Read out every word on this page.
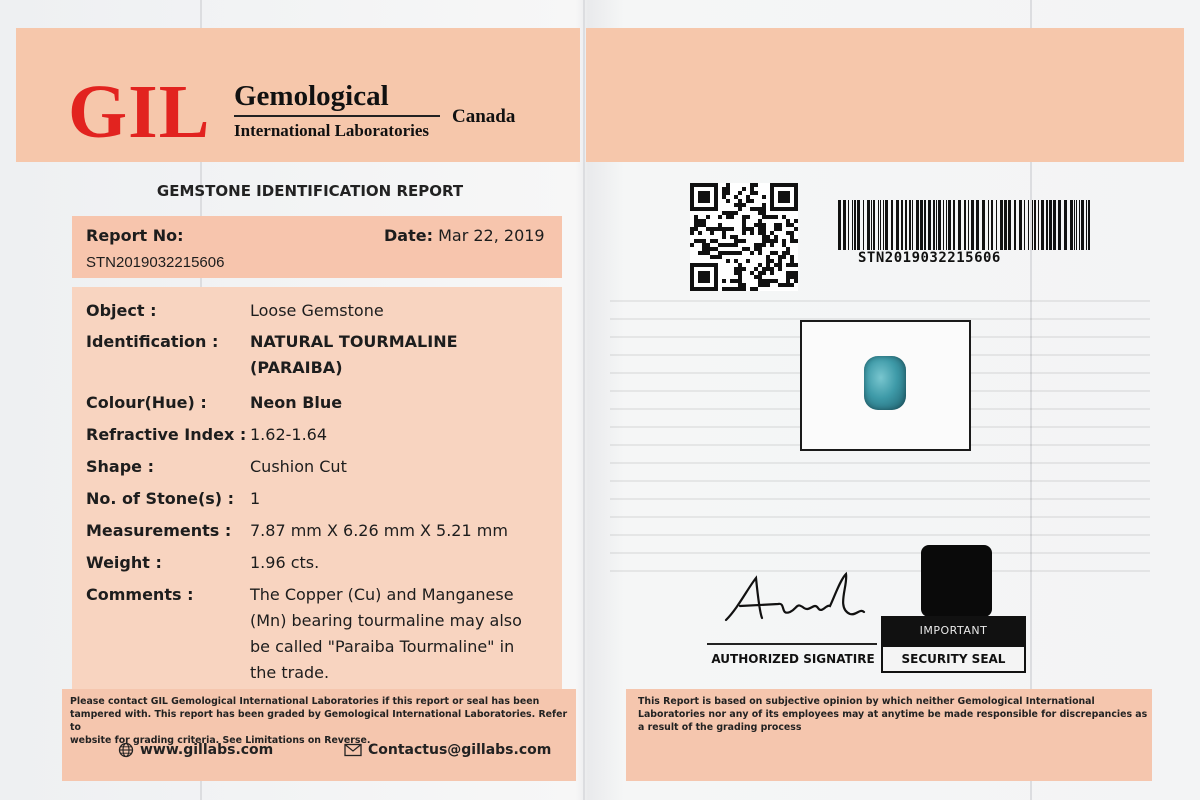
GIL Gemological
International Laboratories
Canada
GEMSTONE IDENTIFICATION REPORT
Report No:
STN2019032215606
Date: Mar 22, 2019
Object :	Loose Gemstone
Identification : NATURAL TOURMALINE
(PARAIBA)
Colour(Hue) :	Neon Blue
Refractive Index : 1.62-1.64
Shape :	Cushion Cut
No. of Stone(s) : 1
Measurements : 7.87 mm X 6.26 mm X 5.21 mm
Weight :	1.96 cts.
Comments :	The Copper (Cu) and Manganese
(Mn) bearing tourmaline may also
be called "Paraiba Tourmaline" in
the trade.
Please contact GIL Gemological International Laboratories if this report or seal has been
tampered with. This report has been graded by Gemological International Laboratories. Refer to
website for grading criteria. See Limitations on Reverse.
www.gillabs.com	Contactus@gillabs.com
This Report is based on subjective opinion by which neither Gemological International
Laboratories nor any of its employees may at anytime be made responsible for discrepancies as
a result of the grading process
STN2019032215606
AUTHORIZED SIGNATIRE
IMPORTANT
SECURITY SEAL
